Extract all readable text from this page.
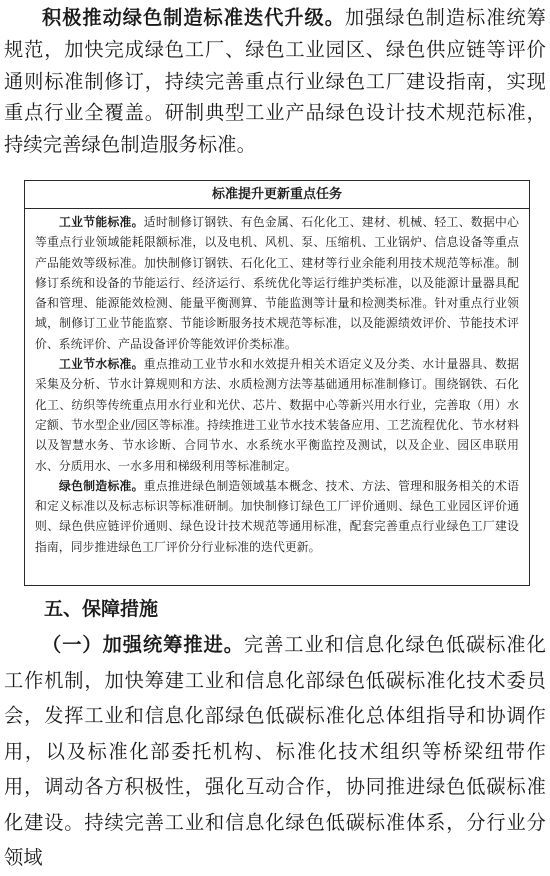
积极推动绿色制造标准迭代升级。加强绿色制造标准统筹规范，加快完成绿色工厂、绿色工业园区、绿色供应链等评价通则标准制修订，持续完善重点行业绿色工厂建设指南，实现重点行业全覆盖。研制典型工业产品绿色设计技术规范标准，持续完善绿色制造服务标准。
标准提升更新重点任务

工业节能标准。适时制修订钢铁、有色金属、石化化工、建材、机械、轻工、数据中心等重点行业领域能耗限额标准，以及电机、风机、泵、压缩机、工业锅炉、信息设备等重点产品能效等级标准。加快制修订钢铁、石化化工、建材等行业余能利用技术规范等标准。制修订系统和设备的节能运行、经济运行、系统优化等运行维护类标准，以及能源计量器具配备和管理、能源能效检测、能量平衡测算、节能监测等计量和检测类标准。针对重点行业领域，制修订工业节能监察、节能诊断服务技术规范等标准，以及能源绩效评价、节能技术评价、系统评价、产品设备评价等能效评价类标准。

工业节水标准。重点推动工业节水和水效提升相关术语定义及分类、水计量器具、数据采集及分析、节水计算规则和方法、水质检测方法等基础通用标准制修订。围绕钢铁、石化化工、纺织等传统重点用水行业和光伏、芯片、数据中心等新兴用水行业，完善取（用）水定额、节水型企业/园区等标准。持续推进工业节水技术装备应用、工艺流程优化、节水材料以及智慧水务、节水诊断、合同节水、水系统水平衡监控及测试，以及企业、园区串联用水、分质用水、一水多用和梯级利用等标准制定。

绿色制造标准。重点推进绿色制造领域基本概念、技术、方法、管理和服务相关的术语和定义标准以及标志标识等标准研制。加快制修订绿色工厂评价通则、绿色工业园区评价通则、绿色供应链评价通则、绿色设计技术规范等通用标准，配套完善重点行业绿色工厂建设指南，同步推进绿色工厂评价分行业标准的迭代更新。

五、保障措施
（一）加强统筹推进。完善工业和信息化绿色低碳标准化工作机制，加快筹建工业和信息化部绿色低碳标准化技术委员会，发挥工业和信息化部绿色低碳标准化总体组指导和协调作用，以及标准化部委托机构、标准化技术组织等桥梁纽带作用，调动各方积极性，强化互动合作，协同推进绿色低碳标准化建设。持续完善工业和信息化绿色低碳标准体系，分行业分领域
